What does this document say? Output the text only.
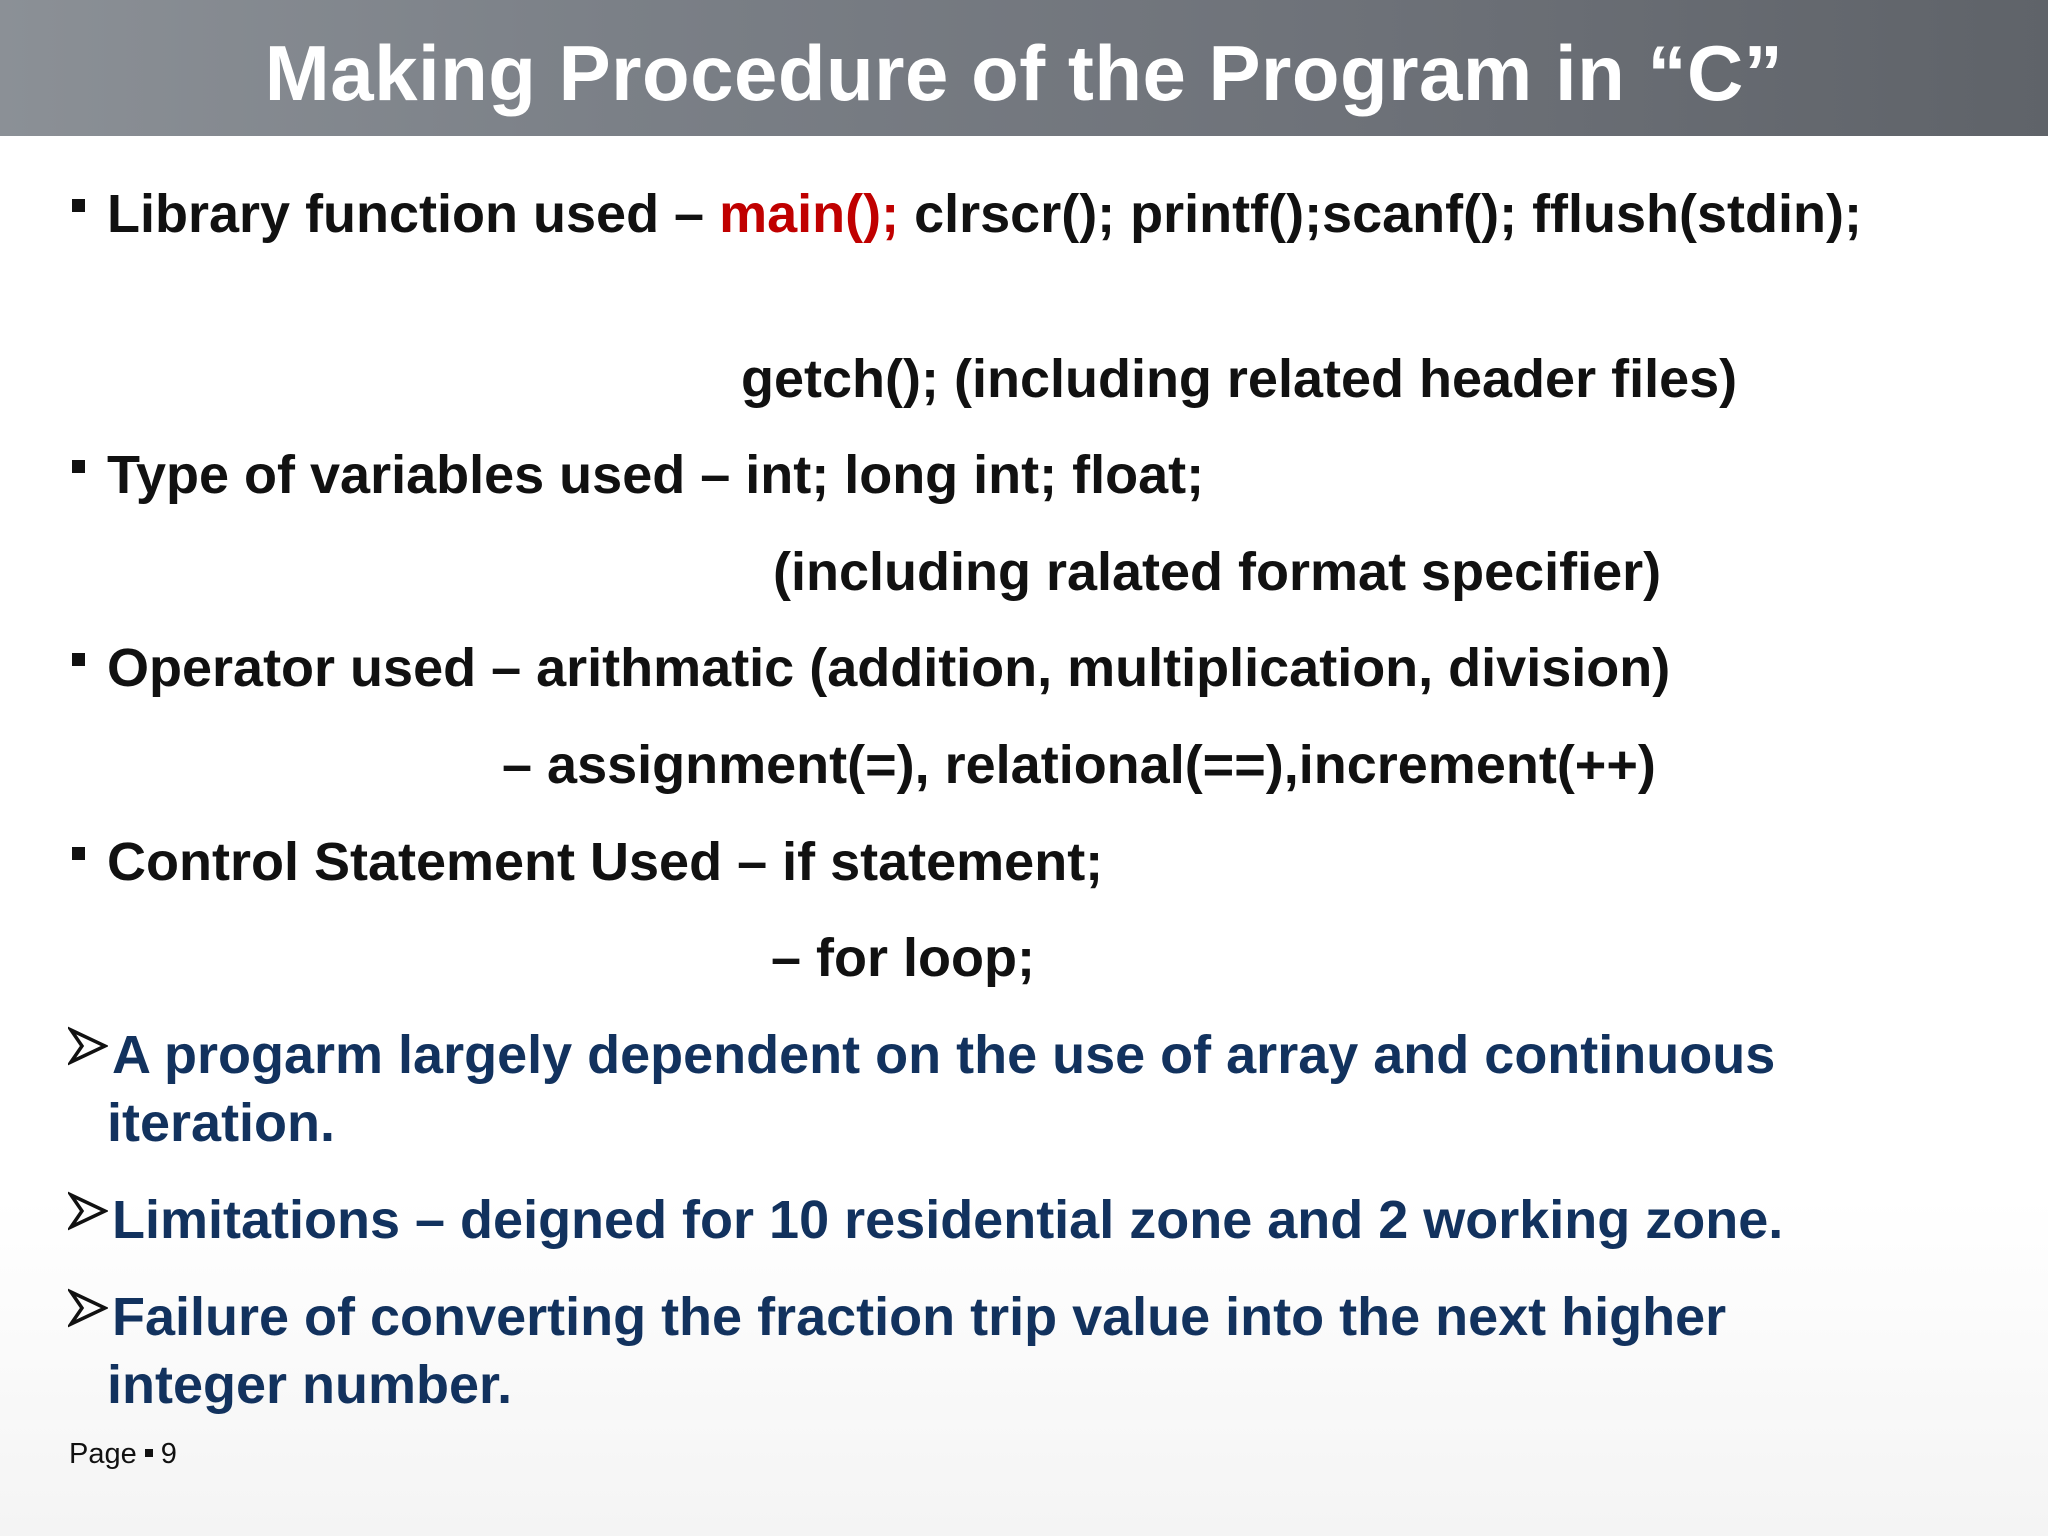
Making Procedure of the Program in “C”
Library function used – main(); clrscr(); printf();scanf(); fflush(stdin);
getch(); (including related header files)
Type of variables used – int; long int; float;
(including ralated format specifier)
Operator used – arithmatic (addition, multiplication, division)
– assignment(=), relational(==),increment(++)
Control Statement Used – if statement;
– for loop;
A progarm largely dependent on the use of array and continuous
iteration.
Limitations – deigned for 10 residential zone and 2 working zone.
Failure of converting the fraction trip value into the next higher
integer number.
Page 9
